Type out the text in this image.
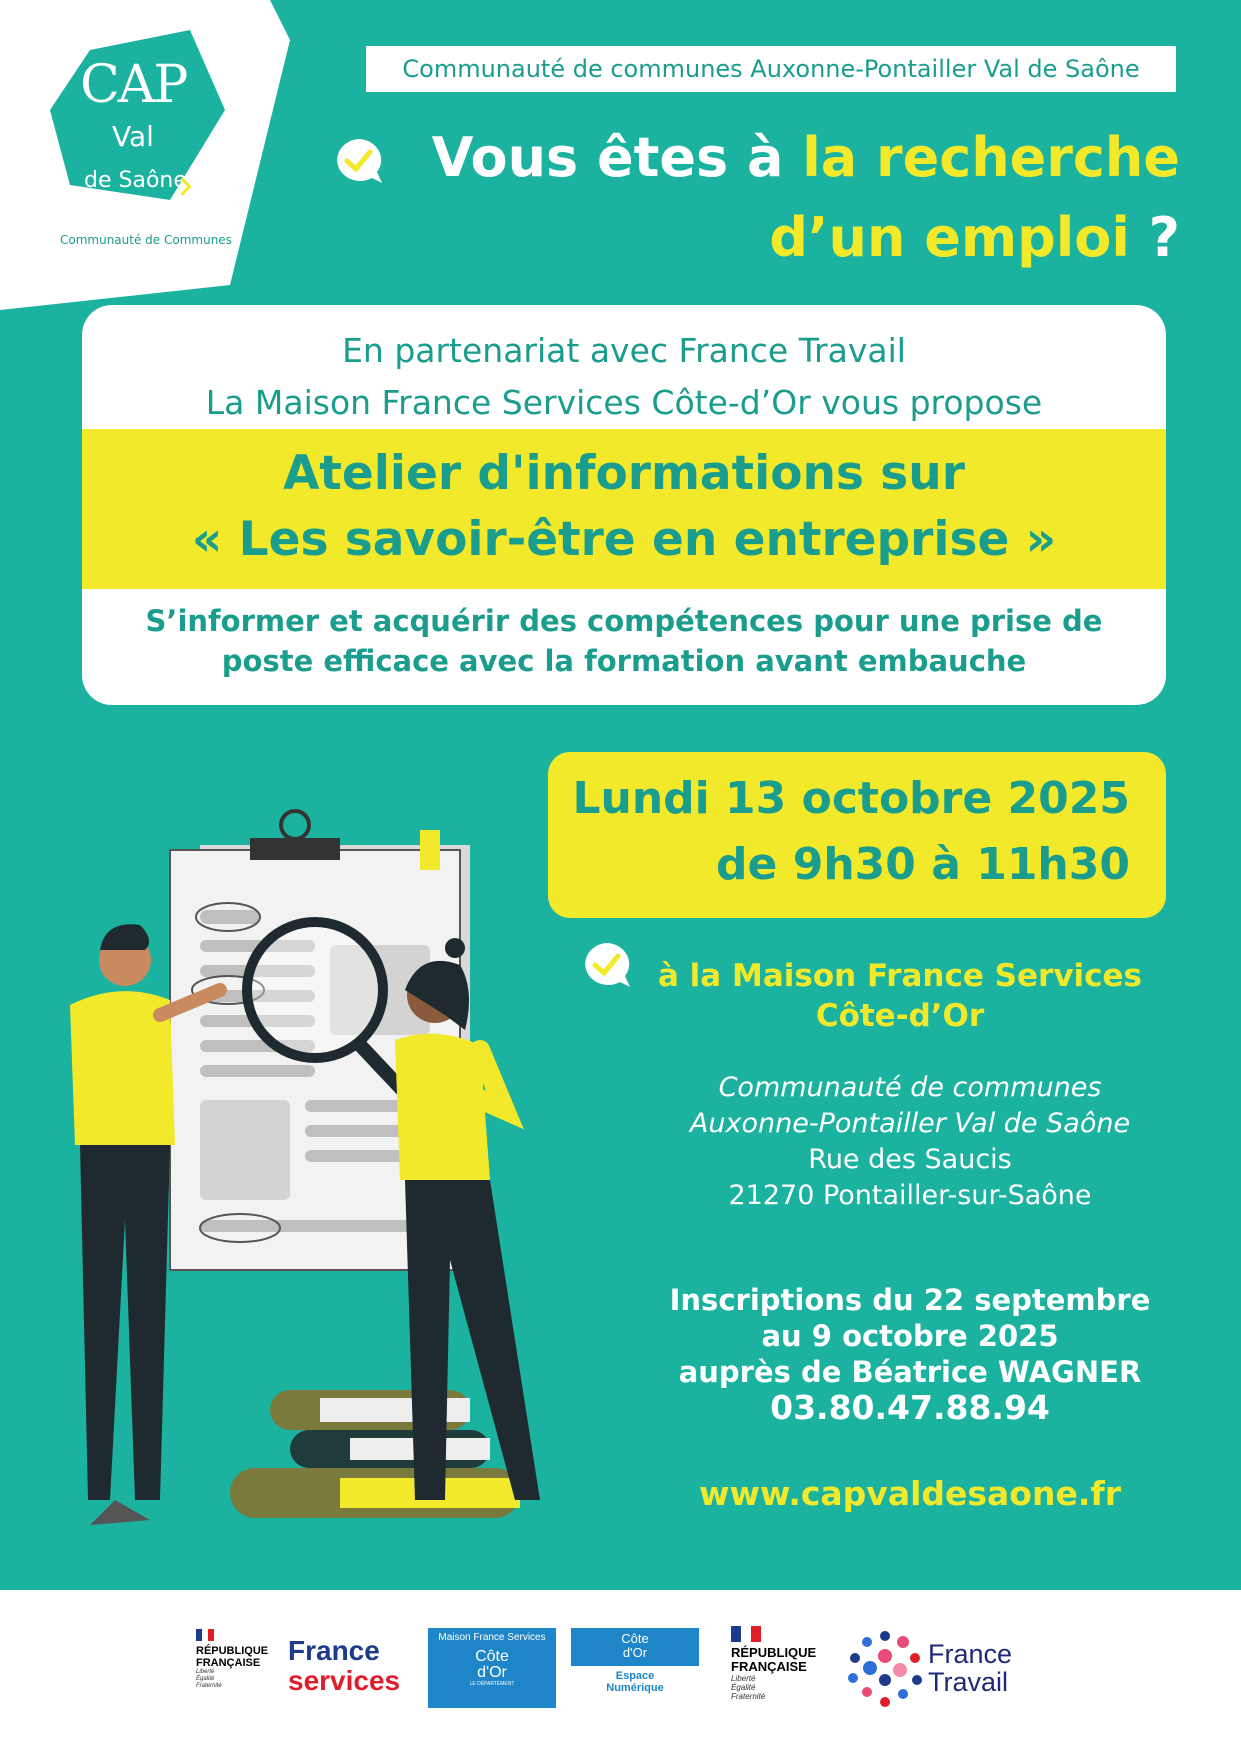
CAP
Val
de Saône
Communauté de Communes
Communauté de communes Auxonne-Pontailler Val de Saône
Vous êtes à la recherche
d’un emploi ?
En partenariat avec France Travail
La Maison France Services Côte-d’Or vous propose
Atelier d'informations sur
« Les savoir-être en entreprise »
S’informer et acquérir des compétences pour une prise de
poste efficace avec la formation avant embauche
Lundi 13 octobre 2025
de 9h30 à 11h30
à la Maison France Services
Côte-d’Or
Communauté de communes
Auxonne-Pontailler Val de Saône
Rue des Saucis
21270 Pontailler-sur-Saône
Inscriptions du 22 septembre
au 9 octobre 2025
auprès de Béatrice WAGNER
03.80.47.88.94
www.capvaldesaone.fr
RÉPUBLIQUE
FRANÇAISE
Liberté
Égalité
Fraternité
France
services
Maison France Services
Côte
d'Or
LE DÉPARTEMENT
Côte
d'Or
Espace
Numérique
RÉPUBLIQUE
FRANÇAISE
Liberté
Égalité
Fraternité
France
Travail
